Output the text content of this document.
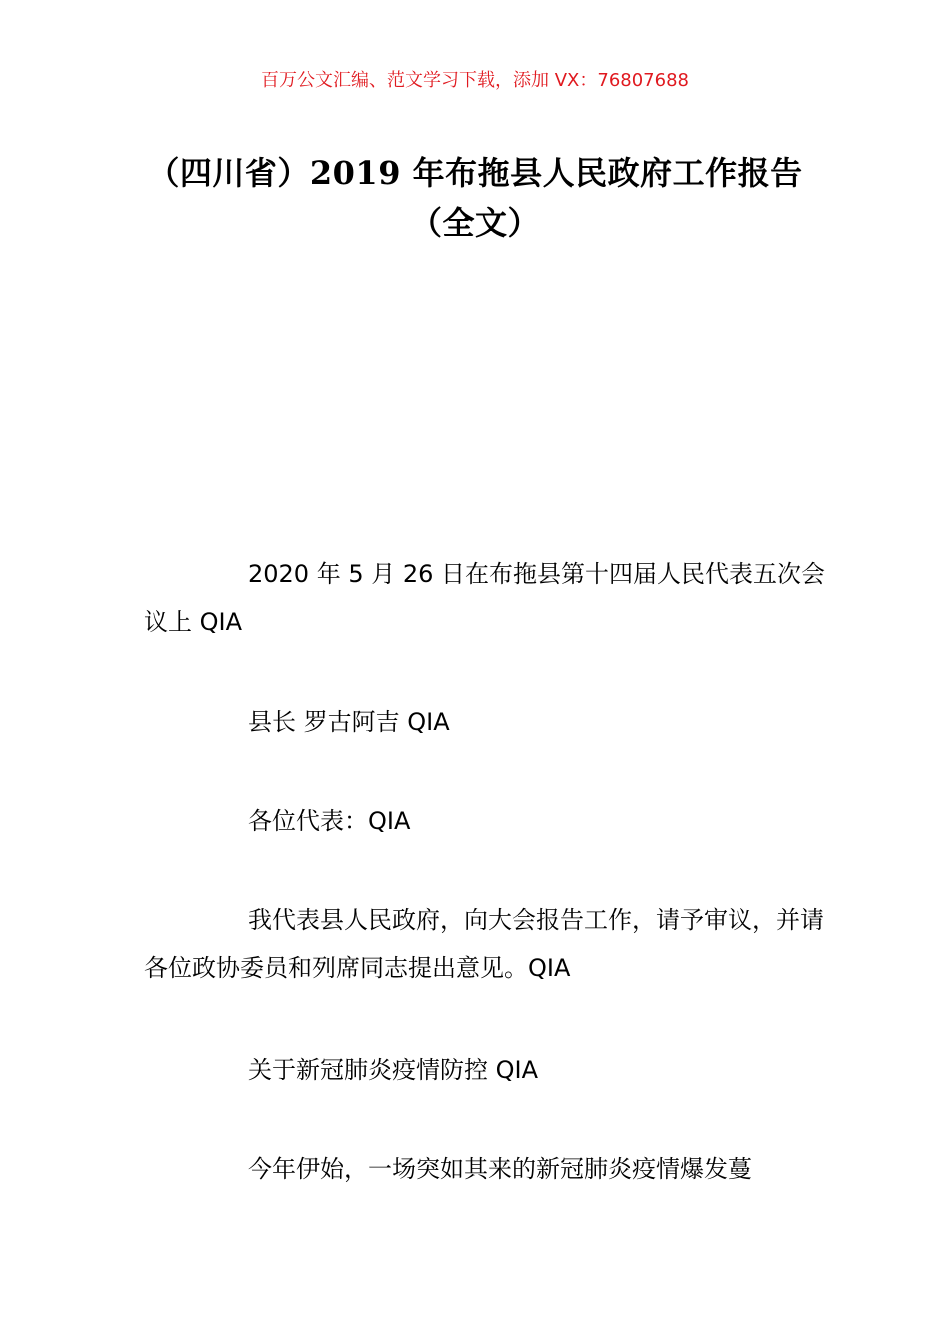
百万公文汇编、范文学习下载，添加 VX：76807688
（四川省）2019 年布拖县人民政府工作报告（全文）

2020 年 5 月 26 日在布拖县第十四届人民代表五次会议上 QIA

县长 罗古阿吉 QIA

各位代表：QIA

我代表县人民政府，向大会报告工作，请予审议，并请各位政协委员和列席同志提出意见。QIA

关于新冠肺炎疫情防控 QIA

今年伊始，一场突如其来的新冠肺炎疫情爆发蔓
